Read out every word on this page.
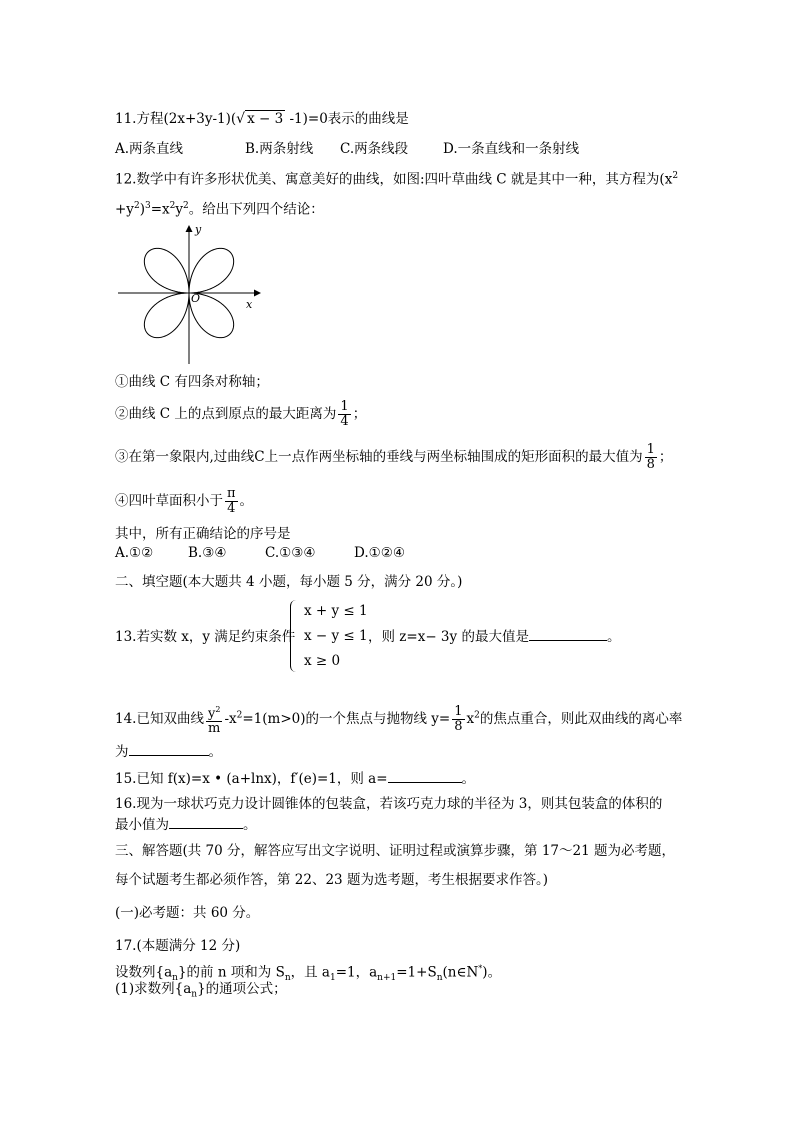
11.方程(2x+3y-1)(√ x − 3 -1)=0表示的曲线是
A.两条直线	B.两条射线 C.两条线段	D.一条直线和一条射线
12.数学中有许多形状优美、寓意美好的曲线，如图:四叶草曲线 C 就是其中一种，其方程为($x^2$
$+y^2)^3=x^2y^2$。给出下列四个结论：
y
x
O
①曲线 C 有四条对称轴；
②曲线 C 上的点到原点的最大距离为 $\frac{1}{4}$ ；
③在第一象限内,过曲线C上一点作两坐标轴的垂线与两坐标轴围成的矩形面积的最大值为 $\frac{1}{8}$ ；
④四叶草面积小于 $\frac{\pi}{4}$ 。
其中，所有正确结论的序号是
A.①②	B.③④	C.①③④	D.①②④
二、填空题(本大题共 4 小题，每小题 5 分，满分 20 分。)
13.若实数 x，y 满足约束条件
x + y ≤ 1
x − y ≤ 1
x ≥ 0
，则 z=x− 3y 的最大值是	。
14.已知双曲线 $\frac{y^2}{m} -x^2=1(m>0)$的一个焦点与抛物线 $y= \frac{1}{8} x^2$的焦点重合，则此双曲线的离心率
为	。
15.已知 f(x)=x • (a+lnx)，f′(e)=1，则 a=	。
16.现为一球状巧克力设计圆锥体的包装盒，若该巧克力球的半径为 3，则其包装盒的体积的
最小值为	。
三、解答题(共 70 分，解答应写出文字说明、证明过程或演算步骤，第 17～21 题为必考题，
每个试题考生都必须作答，第 22、23 题为选考题，考生根据要求作答。)
(一)必考题：共 60 分。
17.(本题满分 12 分)
设数列$\{a_n\}$的前 n 项和为 $S_n$，且 $a_1=1$，$a_{n+1}=1+S_n(n\in N^*)$。
(1)求数列$\{a_n\}$的通项公式；
